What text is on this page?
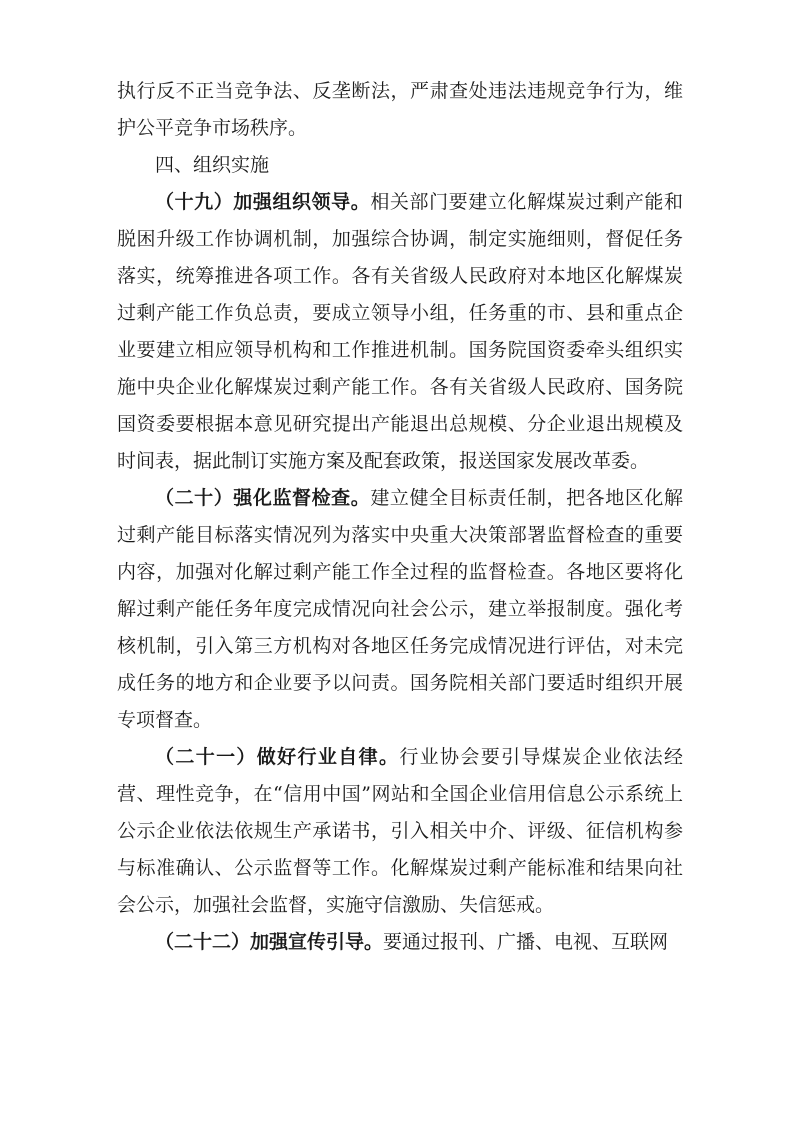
执行反不正当竞争法、反垄断法，严肃查处违法违规竞争行为，维护公平竞争市场秩序。

四、组织实施

（十九）加强组织领导。相关部门要建立化解煤炭过剩产能和脱困升级工作协调机制，加强综合协调，制定实施细则，督促任务落实，统筹推进各项工作。各有关省级人民政府对本地区化解煤炭过剩产能工作负总责，要成立领导小组，任务重的市、县和重点企业要建立相应领导机构和工作推进机制。国务院国资委牵头组织实施中央企业化解煤炭过剩产能工作。各有关省级人民政府、国务院国资委要根据本意见研究提出产能退出总规模、分企业退出规模及时间表，据此制订实施方案及配套政策，报送国家发展改革委。

（二十）强化监督检查。建立健全目标责任制，把各地区化解过剩产能目标落实情况列为落实中央重大决策部署监督检查的重要内容，加强对化解过剩产能工作全过程的监督检查。各地区要将化解过剩产能任务年度完成情况向社会公示，建立举报制度。强化考核机制，引入第三方机构对各地区任务完成情况进行评估，对未完成任务的地方和企业要予以问责。国务院相关部门要适时组织开展专项督查。

（二十一）做好行业自律。行业协会要引导煤炭企业依法经营、理性竞争，在“信用中国”网站和全国企业信用信息公示系统上公示企业依法依规生产承诺书，引入相关中介、评级、征信机构参与标准确认、公示监督等工作。化解煤炭过剩产能标准和结果向社会公示，加强社会监督，实施守信激励、失信惩戒。

（二十二）加强宣传引导。要通过报刊、广播、电视、互联网
